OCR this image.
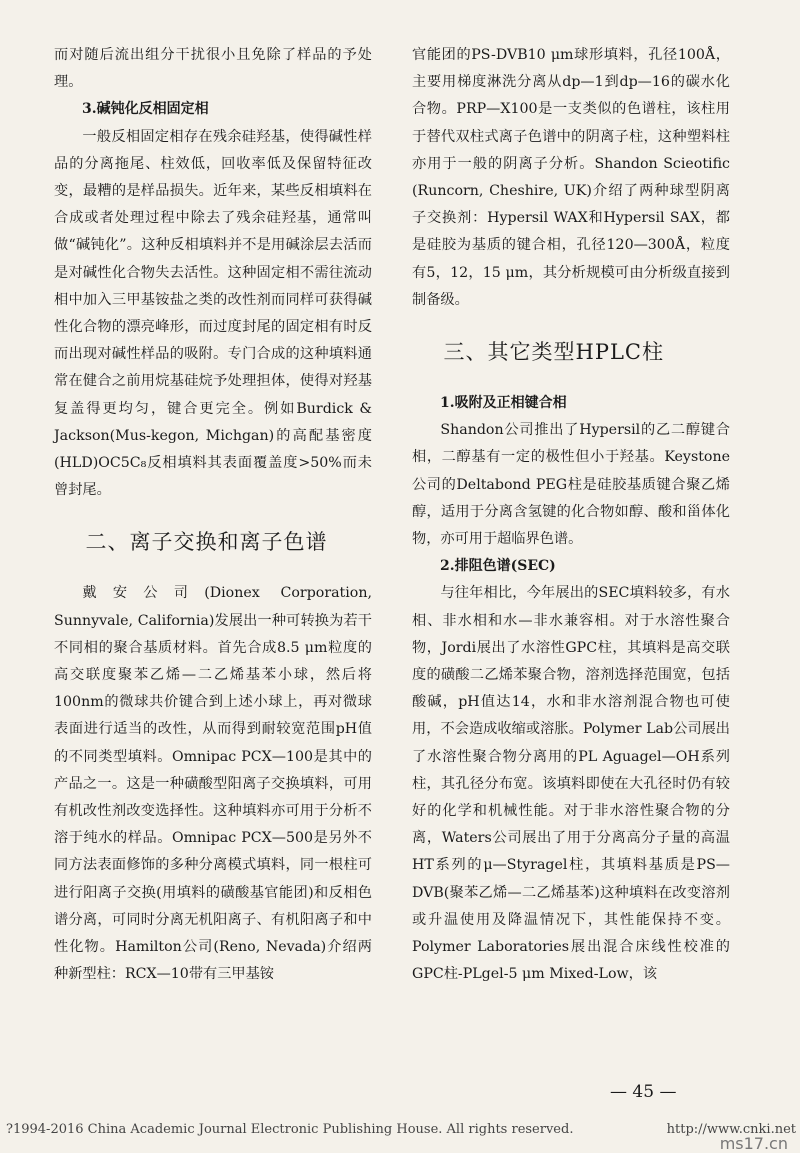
而对随后流出组分干扰很小且免除了样品的予处理。

3.碱钝化反相固定相

一般反相固定相存在残余硅羟基，使得碱性样品的分离拖尾、柱效低，回收率低及保留特征改变，最糟的是样品损失。近年来，某些反相填料在合成或者处理过程中除去了残余硅羟基，通常叫做“碱钝化”。这种反相填料并不是用碱涂层去活而是对碱性化合物失去活性。这种固定相不需往流动相中加入三甲基铵盐之类的改性剂而同样可获得碱性化合物的漂亮峰形，而过度封尾的固定相有时反而出现对碱性样品的吸附。专门合成的这种填料通常在健合之前用烷基硅烷予处理担体，使得对羟基复盖得更均匀，键合更完全。例如Burdick & Jackson(Mus-kegon, Michgan)的高配基密度(HLD)OC5C₈反相填料其表面覆盖度>50%而未曾封尾。

二、离子交换和离子色谱

戴安公司(Dionex Corporation, Sunnyvale, California)发展出一种可转换为若干不同相的聚合基质材料。首先合成8.5 μm粒度的高交联度聚苯乙烯—二乙烯基苯小球，然后将100nm的微球共价键合到上述小球上，再对微球表面进行适当的改性，从而得到耐较宽范围pH值的不同类型填料。Omnipac PCX—100是其中的产品之一。这是一种磺酸型阳离子交换填料，可用有机改性剂改变选择性。这种填料亦可用于分析不溶于纯水的样品。Omnipac PCX—500是另外不同方法表面修饰的多种分离模式填料，同一根柱可进行阳离子交换(用填料的磺酸基官能团)和反相色谱分离，可同时分离无机阳离子、有机阳离子和中性化物。Hamilton公司(Reno, Nevada)介绍两种新型柱：RCX—10带有三甲基铵

官能团的PS-DVB10 μm球形填料，孔径100Å，主要用梯度淋洗分离从dp—1到dp—16的碳水化合物。PRP—X100是一支类似的色谱柱，该柱用于替代双柱式离子色谱中的阴离子柱，这种塑料柱亦用于一般的阴离子分析。Shandon Scieotific (Runcorn, Cheshire, UK)介绍了两种球型阴离子交换剂：Hypersil WAX和Hypersil SAX，都是硅胶为基质的键合相，孔径120—300Å，粒度有5，12，15 μm，其分析规模可由分析级直接到制备级。

三、其它类型HPLC柱
1.吸附及正相键合相

Shandon公司推出了Hypersil的乙二醇键合相，二醇基有一定的极性但小于羟基。Keystone公司的Deltabond PEG柱是硅胶基质键合聚乙烯醇，适用于分离含氢键的化合物如醇、酸和甾体化物，亦可用于超临界色谱。

2.排阻色谱(SEC)

与往年相比，今年展出的SEC填料较多，有水相、非水相和水—非水兼容相。对于水溶性聚合物，Jordi展出了水溶性GPC柱，其填料是高交联度的磺酸二乙烯苯聚合物，溶剂选择范围宽，包括酸碱，pH值达14，水和非水溶剂混合物也可使用，不会造成收缩或溶胀。Polymer Lab公司展出了水溶性聚合物分离用的PL Aguagel—OH系列柱，其孔径分布宽。该填料即使在大孔径时仍有较好的化学和机械性能。对于非水溶性聚合物的分离，Waters公司展出了用于分离高分子量的高温HT系列的μ—Styragel柱，其填料基质是PS—DVB(聚苯乙烯—二乙烯基苯)这种填料在改变溶剂或升温使用及降温情况下，其性能保持不变。Polymer Laboratories展出混合床线性校准的GPC柱-PLgel-5 μm Mixed-Low，该

— 45 —
?1994-2016 China Academic Journal Electronic Publishing House. All rights reserved.	http://www.cnki.net
ms17.cn
